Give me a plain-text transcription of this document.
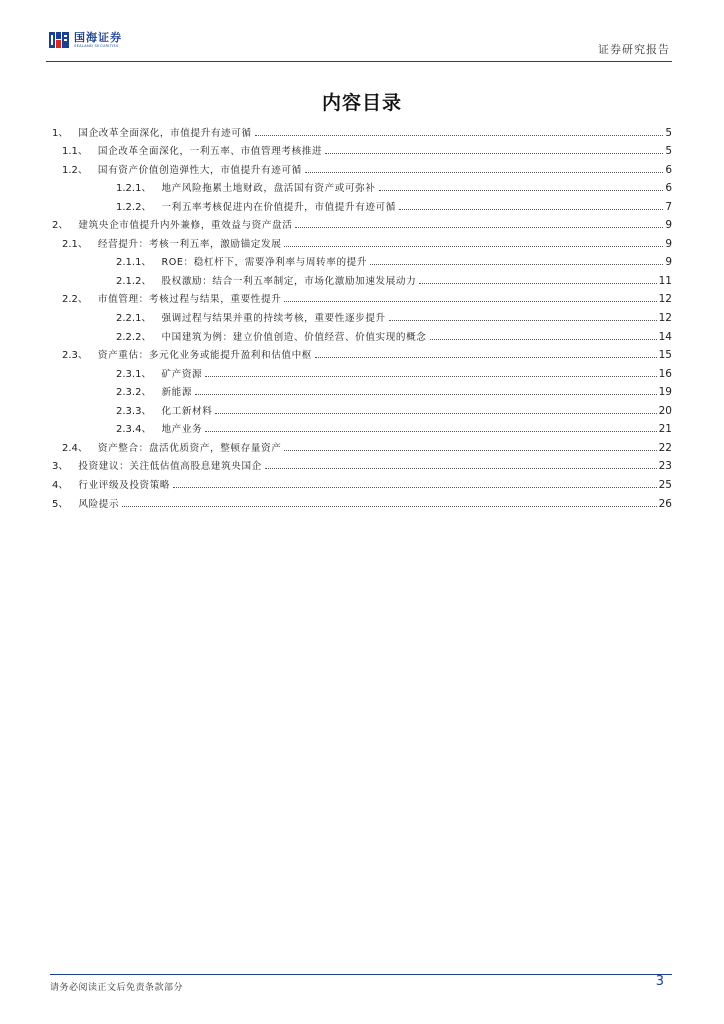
国海证券
SEALAND SECURITIES	证券研究报告
内容目录
1、 国企改革全面深化，市值提升有迹可循	5
1.1、 国企改革全面深化，一利五率、市值管理考核推进	5
1.2、 国有资产价值创造弹性大，市值提升有迹可循	6
1.2.1、 地产风险拖累土地财政，盘活国有资产或可弥补	6
1.2.2、 一利五率考核促进内在价值提升，市值提升有迹可循	7
2、 建筑央企市值提升内外兼修，重效益与资产盘活	9
2.1、 经营提升：考核一利五率，激励锚定发展	9
2.1.1、 ROE：稳杠杆下，需要净利率与周转率的提升	9
2.1.2、 股权激励：结合一利五率制定，市场化激励加速发展动力	11
2.2、 市值管理：考核过程与结果，重要性提升	12
2.2.1、 强调过程与结果并重的持续考核，重要性逐步提升	12
2.2.2、 中国建筑为例：建立价值创造、价值经营、价值实现的概念	14
2.3、 资产重估：多元化业务或能提升盈利和估值中枢	15
2.3.1、 矿产资源	16
2.3.2、 新能源	19
2.3.3、 化工新材料	20
2.3.4、 地产业务	21
2.4、 资产整合：盘活优质资产，整顿存量资产	22
3、 投资建议：关注低估值高股息建筑央国企	23
4、 行业评级及投资策略	25
5、 风险提示	26
请务必阅读正文后免责条款部分	3
